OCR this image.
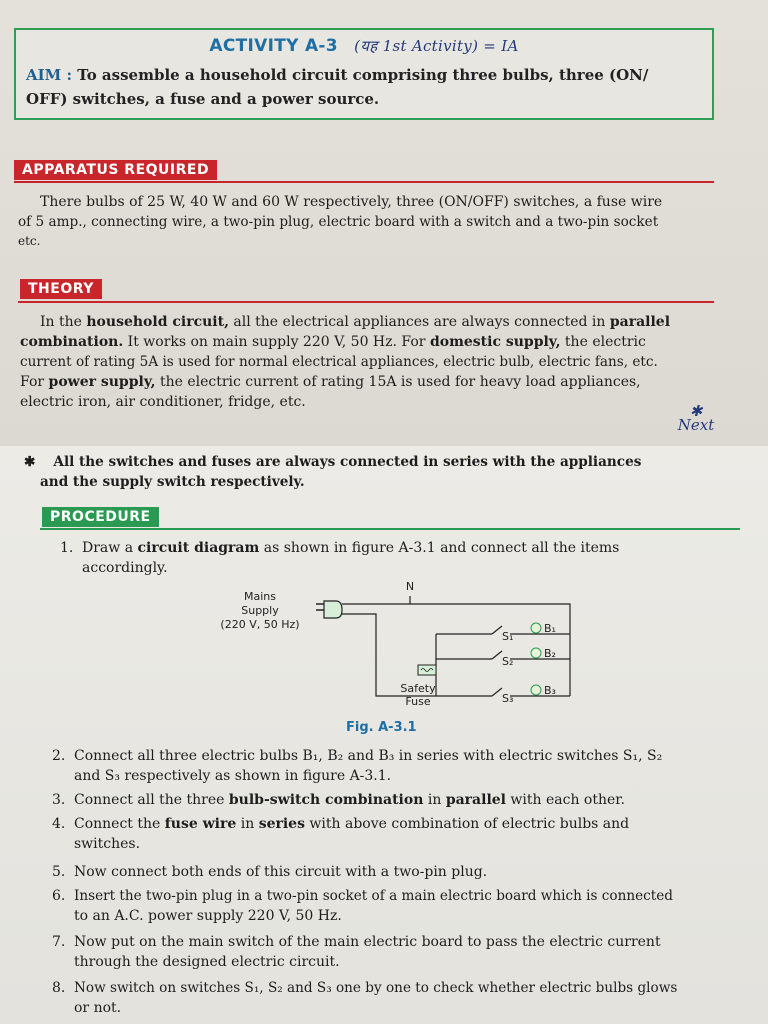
ACTIVITY A-3 (यह 1st Activity) = IA
AIM : To assemble a household circuit comprising three bulbs, three (ON/
OFF) switches, a fuse and a power source.
APPARATUS REQUIRED
There bulbs of 25 W, 40 W and 60 W respectively, three (ON/OFF) switches, a fuse wire
of 5 amp., connecting wire, a two-pin plug, electric board with a switch and a two-pin socket
etc.
THEORY
In the household circuit, all the electrical appliances are always connected in parallel
combination. It works on main supply 220 V, 50 Hz. For domestic supply, the electric
current of rating 5A is used for normal electrical appliances, electric bulb, electric fans, etc.
For power supply, the electric current of rating 15A is used for heavy load appliances,
electric iron, air conditioner, fridge, etc.	✱
Next
✱ All the switches and fuses are always connected in series with the appliances
and the supply switch respectively.
PROCEDURE
1. Draw a circuit diagram as shown in figure A-3.1 and connect all the items
accordingly.
Mains
Supply
(220 V, 50 Hz)
N
Safety
Fuse
S₁
S₂
S₃
B₁
B₂
B₃
Fig. A-3.1
2. Connect all three electric bulbs B₁, B₂ and B₃ in series with electric switches S₁, S₂
and S₃ respectively as shown in figure A-3.1.
3. Connect all the three bulb-switch combination in parallel with each other.
4. Connect the fuse wire in series with above combination of electric bulbs and
switches.
5. Now connect both ends of this circuit with a two-pin plug.
6. Insert the two-pin plug in a two-pin socket of a main electric board which is connected
to an A.C. power supply 220 V, 50 Hz.
7. Now put on the main switch of the main electric board to pass the electric current
through the designed electric circuit.
8. Now switch on switches S₁, S₂ and S₃ one by one to check whether electric bulbs glows
or not.
